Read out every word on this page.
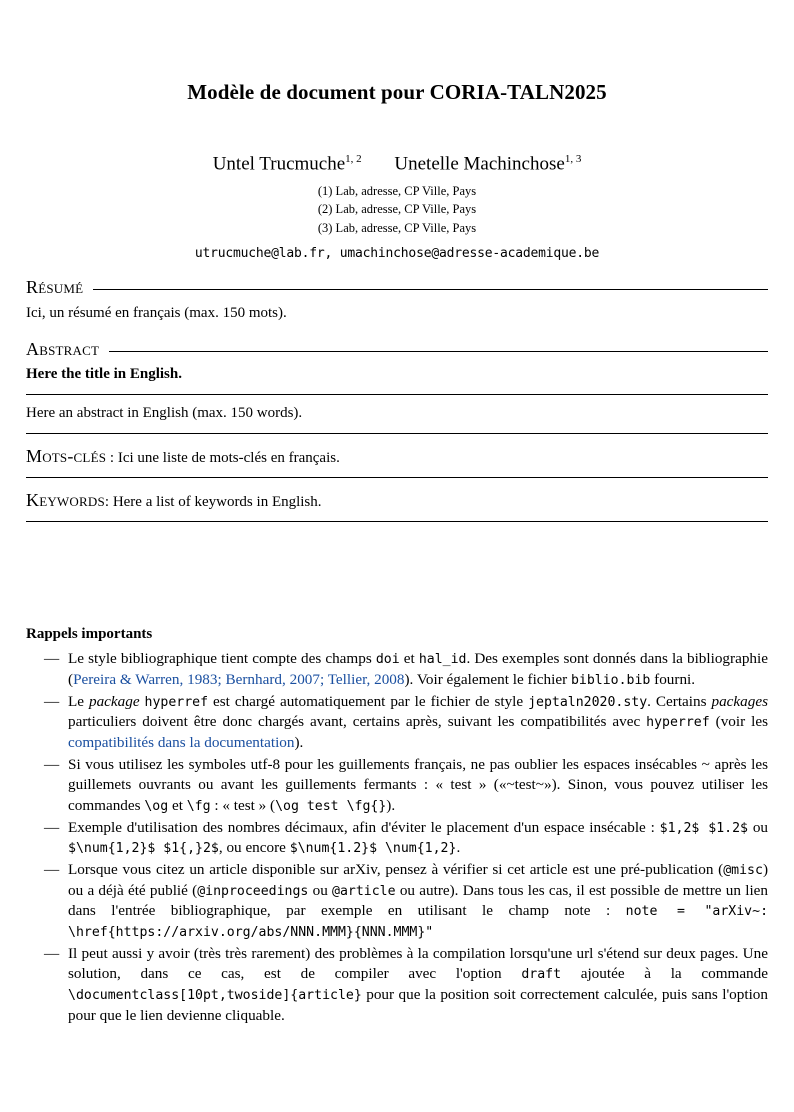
Modèle de document pour CORIA-TALN2025
Untel Trucmuche$^{1, 2}$ Unetelle Machinchose$^{1, 3}$
(1) Lab, adresse, CP Ville, Pays
(2) Lab, adresse, CP Ville, Pays
(3) Lab, adresse, CP Ville, Pays
utrucmuche@lab.fr, umachinchose@adresse-academique.be
Résumé
Ici, un résumé en français (max. 150 mots).
Abstract
Here the title in English.
Here an abstract in English (max. 150 words).
Mots-clés : Ici une liste de mots-clés en français.
Keywords: Here a list of keywords in English.
Rappels importants
— Le style bibliographique tient compte des champs doi et hal_id. Des exemples sont donnés dans la bibliographie (Pereira & Warren, 1983; Bernhard, 2007; Tellier, 2008). Voir également le fichier biblio.bib fourni.
— Le package hyperref est chargé automatiquement par le fichier de style jeptaln2020.sty. Certains packages particuliers doivent être donc chargés avant, certains après, suivant les compatibilités avec hyperref (voir les compatibilités dans la documentation).
— Si vous utilisez les symboles utf-8 pour les guillements français, ne pas oublier les espaces insécables ~ après les guillemets ouvrants ou avant les guillements fermants : « test » («~test~»). Sinon, vous pouvez utiliser les commandes \og et \fg : « test » (\og test \fg{}).
— Exemple d'utilisation des nombres décimaux, afin d'éviter le placement d'un espace insécable : $1,2$ $1.2$ ou $\num{1,2}$ $1{,}2$, ou encore $\num{1.2}$ \num{1,2}.
— Lorsque vous citez un article disponible sur arXiv, pensez à vérifier si cet article est une pré-publication (@misc) ou a déjà été publié (@inproceedings ou @article ou autre). Dans tous les cas, il est possible de mettre un lien dans l'entrée bibliographique, par exemple en utilisant le champ note : note = "arXiv~: \href{https://arxiv.org/abs/NNN.MMM}{NNN.MMM}"
— Il peut aussi y avoir (très très rarement) des problèmes à la compilation lorsqu'une url s'étend sur deux pages. Une solution, dans ce cas, est de compiler avec l'option draft ajoutée à la commande \documentclass[10pt,twoside]{article} pour que la position soit correctement calculée, puis sans l'option pour que le lien devienne cliquable.
